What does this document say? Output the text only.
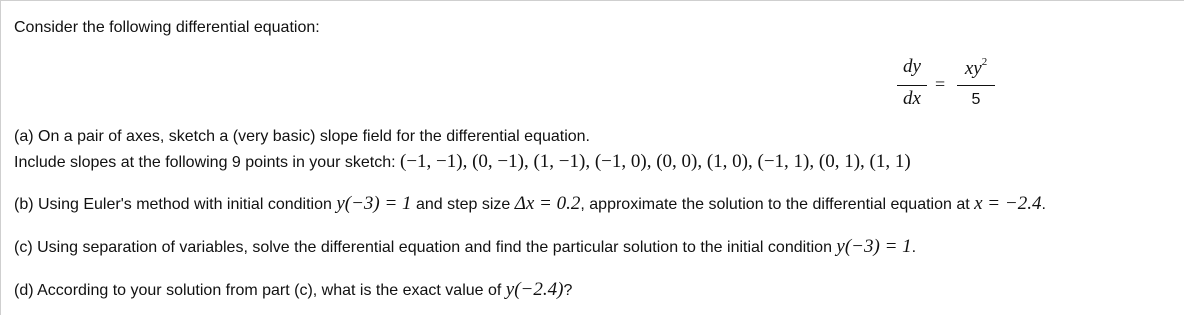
Consider the following differential equation:
dy
dx
=
$xy^2$
5
(a) On a pair of axes, sketch a (very basic) slope field for the differential equation.
Include slopes at the following 9 points in your sketch: (−1, −1), (0, −1), (1, −1), (−1, 0), (0, 0), (1, 0), (−1, 1), (0, 1), (1, 1)
(b) Using Euler's method with initial condition y(−3) = 1 and step size Δx = 0.2, approximate the solution to the differential equation at x = −2.4.
(c) Using separation of variables, solve the differential equation and find the particular solution to the initial condition y(−3) = 1.
(d) According to your solution from part (c), what is the exact value of y(−2.4)?
